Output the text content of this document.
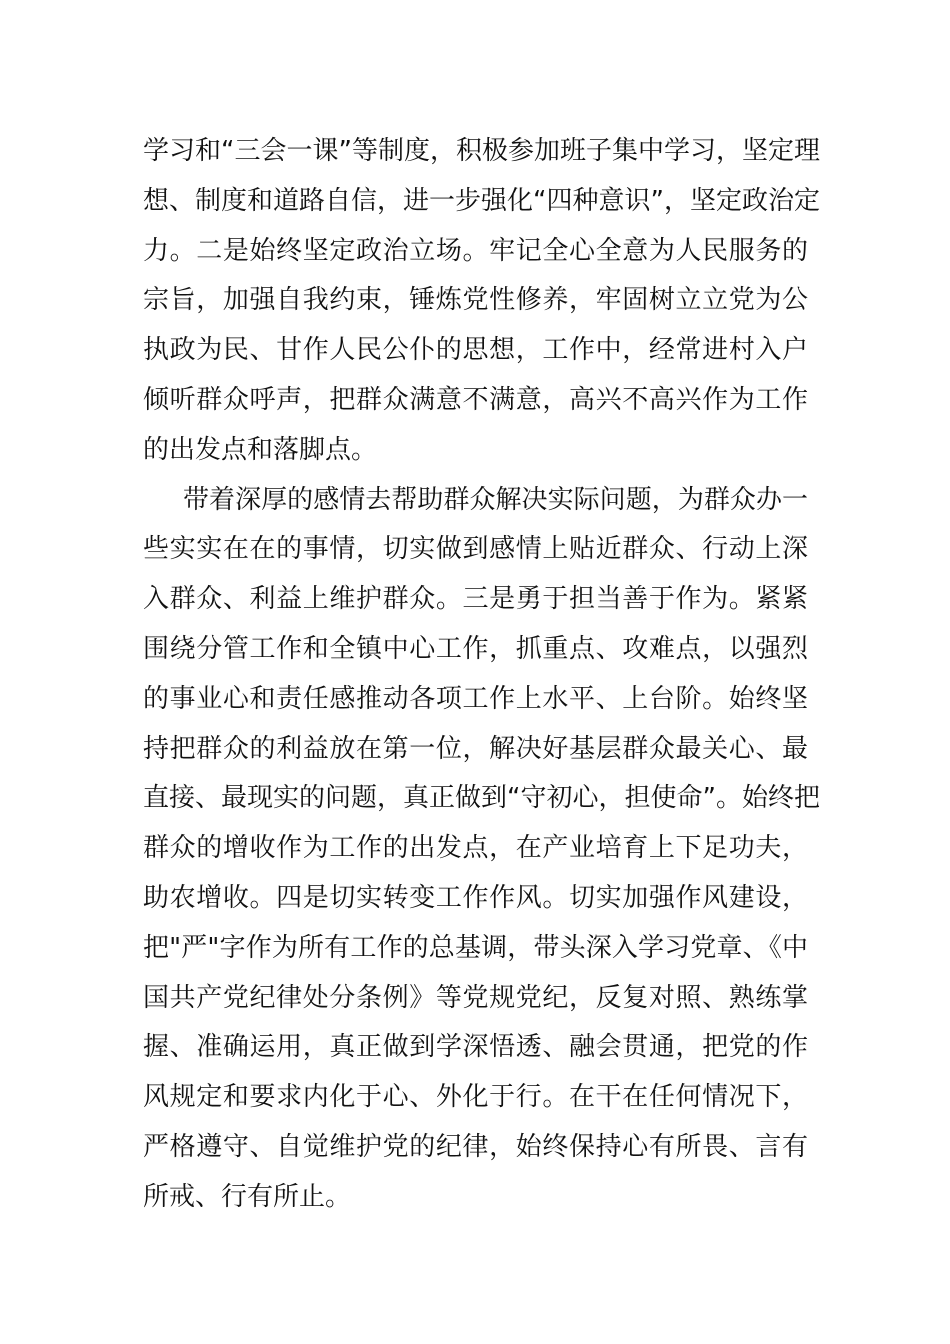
学习和“三会一课”等制度，积极参加班子集中学习，坚定理
想、制度和道路自信，进一步强化“四种意识”，坚定政治定
力。二是始终坚定政治立场。牢记全心全意为人民服务的
宗旨，加强自我约束，锤炼党性修养，牢固树立立党为公
执政为民、甘作人民公仆的思想，工作中，经常进村入户
倾听群众呼声，把群众满意不满意，高兴不高兴作为工作
的出发点和落脚点。
带着深厚的感情去帮助群众解决实际问题，为群众办一
些实实在在的事情，切实做到感情上贴近群众、行动上深
入群众、利益上维护群众。三是勇于担当善于作为。紧紧
围绕分管工作和全镇中心工作，抓重点、攻难点，以强烈
的事业心和责任感推动各项工作上水平、上台阶。始终坚
持把群众的利益放在第一位，解决好基层群众最关心、最
直接、最现实的问题，真正做到“守初心，担使命”。始终把
群众的增收作为工作的出发点，在产业培育上下足功夫，
助农增收。四是切实转变工作作风。切实加强作风建设，
把"严"字作为所有工作的总基调，带头深入学习党章、《中
国共产党纪律处分条例》等党规党纪，反复对照、熟练掌
握、准确运用，真正做到学深悟透、融会贯通，把党的作
风规定和要求内化于心、外化于行。在干在任何情况下，
严格遵守、自觉维护党的纪律，始终保持心有所畏、言有
所戒、行有所止。
